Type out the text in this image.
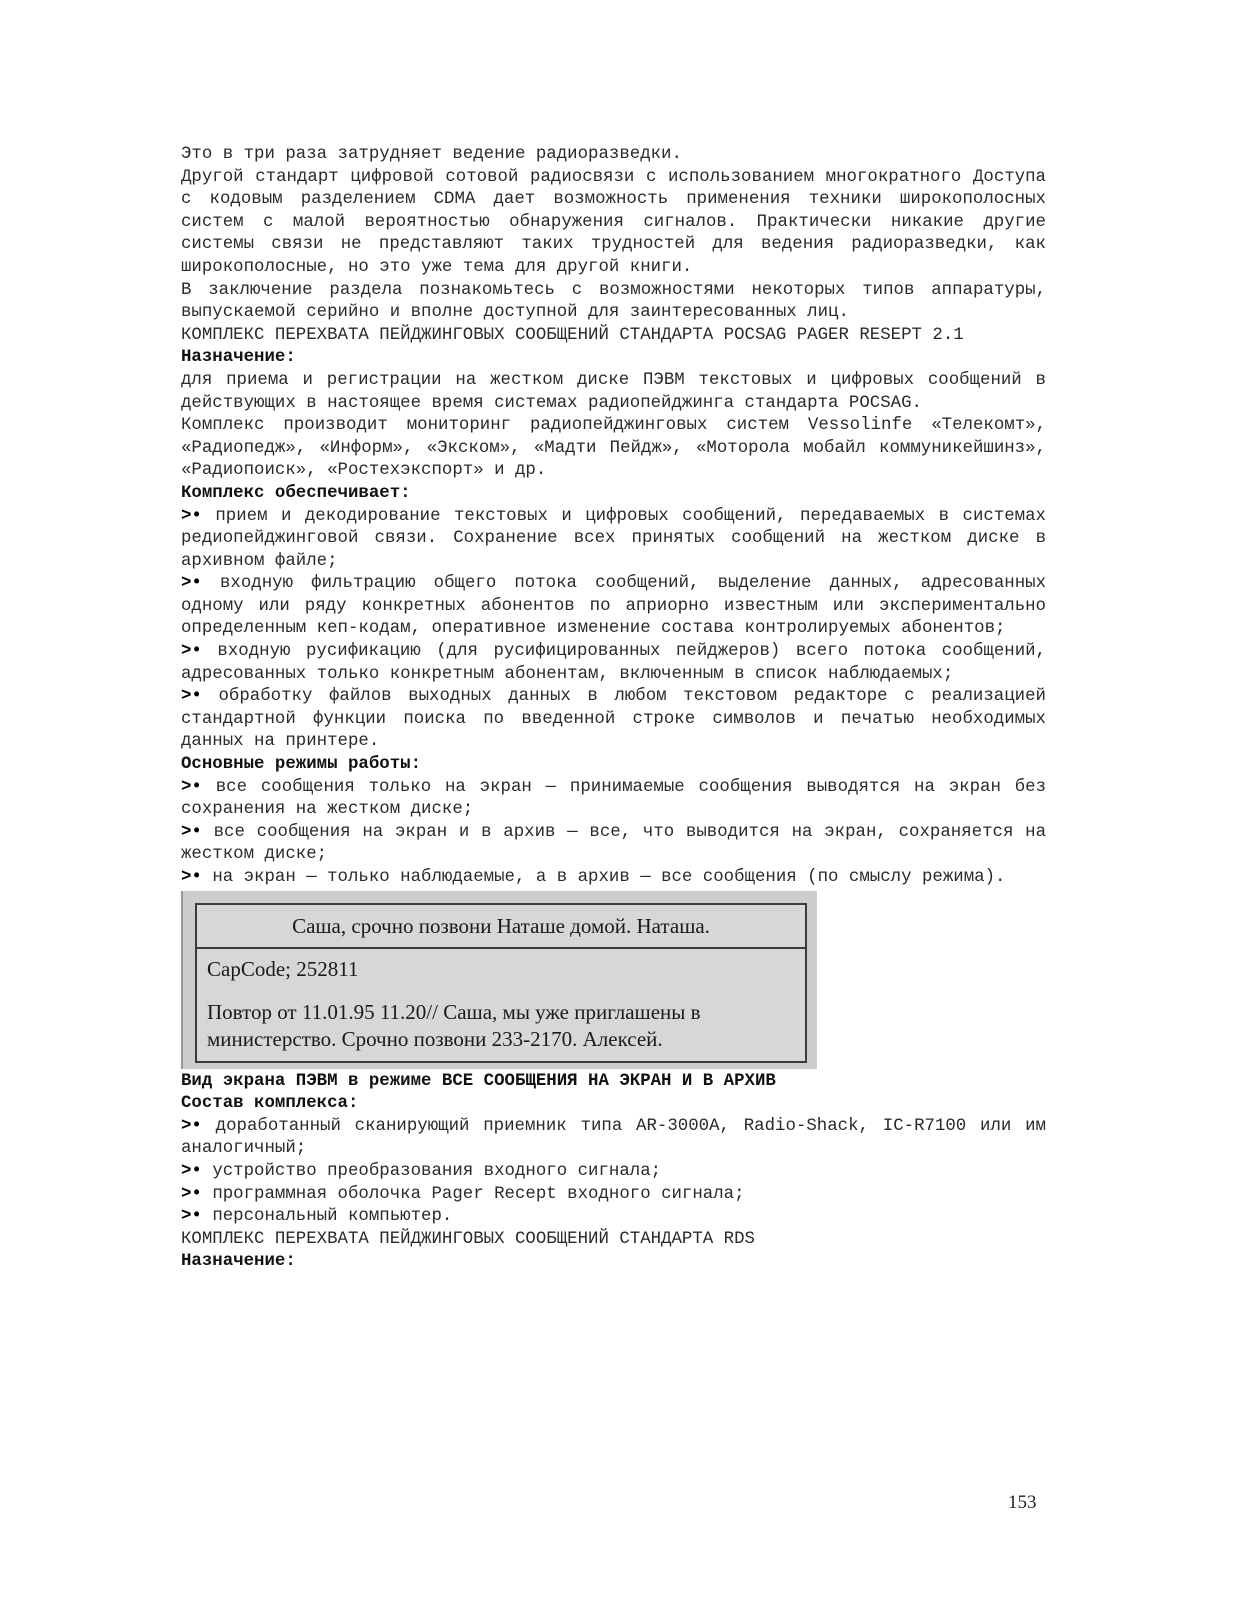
Это в три раза затрудняет ведение радиоразведки.

Другой стандарт цифровой сотовой радиосвязи с использованием многократного Доступа с кодовым разделением CDMA дает возможность применения техники широкополосных систем с малой вероятностью обнаружения сигналов. Практически никакие другие системы связи не представляют таких трудностей для ведения радиоразведки, как широкополосные, но это уже тема для другой книги.

В заключение раздела познакомьтесь с возможностями некоторых типов аппаратуры, выпускаемой серийно и вполне доступной для заинтересованных лиц.

КОМПЛЕКС ПЕРЕХВАТА ПЕЙДЖИНГОВЫХ СООБЩЕНИЙ СТАНДАРТА POCSAG PAGER RESEPT 2.1

Назначение:

для приема и регистрации на жестком диске ПЭВМ текстовых и цифровых сообщений в действующих в настоящее время системах радиопейджинга стандарта POCSAG.

Комплекс производит мониторинг радиопейджинговых систем Vessolinfe «Телекомт», «Радиопедж», «Информ», «Экском», «Мадти Пейдж», «Моторола мобайл коммуникейшинз», «Радиопоиск», «Ростехэкспорт» и др.

Комплекс обеспечивает:

>• прием и декодирование текстовых и цифровых сообщений, передаваемых в системах редиопейджинговой связи. Сохранение всех принятых сообщений на жестком диске в архивном файле;

>• входную фильтрацию общего потока сообщений, выделение данных, адресованных одному или ряду конкретных абонентов по априорно известным или экспериментально определенным кеп-кодам, оперативное изменение состава контролируемых абонентов;

>• входную русификацию (для русифицированных пейджеров) всего потока сообщений, адресованных только конкретным абонентам, включенным в список наблюдаемых;

>• обработку файлов выходных данных в любом текстовом редакторе с реализацией стандартной функции поиска по введенной строке символов и печатью необходимых данных на принтере.

Основные режимы работы:

>• все сообщения только на экран — принимаемые сообщения выводятся на экран без сохранения на жестком диске;

>• все сообщения на экран и в архив — все, что выводится на экран, сохраняется на жестком диске;

>• на экран — только наблюдаемые, а в архив — все сообщения (по смыслу режима).

Саша, срочно позвони Наташе домой. Наташа.
CapCode; 252811
Повтор от 11.01.95 11.20// Саша, мы уже приглашены в министерство. Срочно позвони 233-2170. Алексей.

Вид экрана ПЭВМ в режиме ВСЕ СООБЩЕНИЯ НА ЭКРАН И В АРХИВ

Состав комплекса:

>• доработанный сканирующий приемник типа AR-3000A, Radio-Shack, IC-R7100 или им аналогичный;

>• устройство преобразования входного сигнала;

>• программная оболочка Pager Recept входного сигнала;

>• персональный компьютер.

КОМПЛЕКС ПЕРЕХВАТА ПЕЙДЖИНГОВЫХ СООБЩЕНИЙ СТАНДАРТА RDS

Назначение:

153
